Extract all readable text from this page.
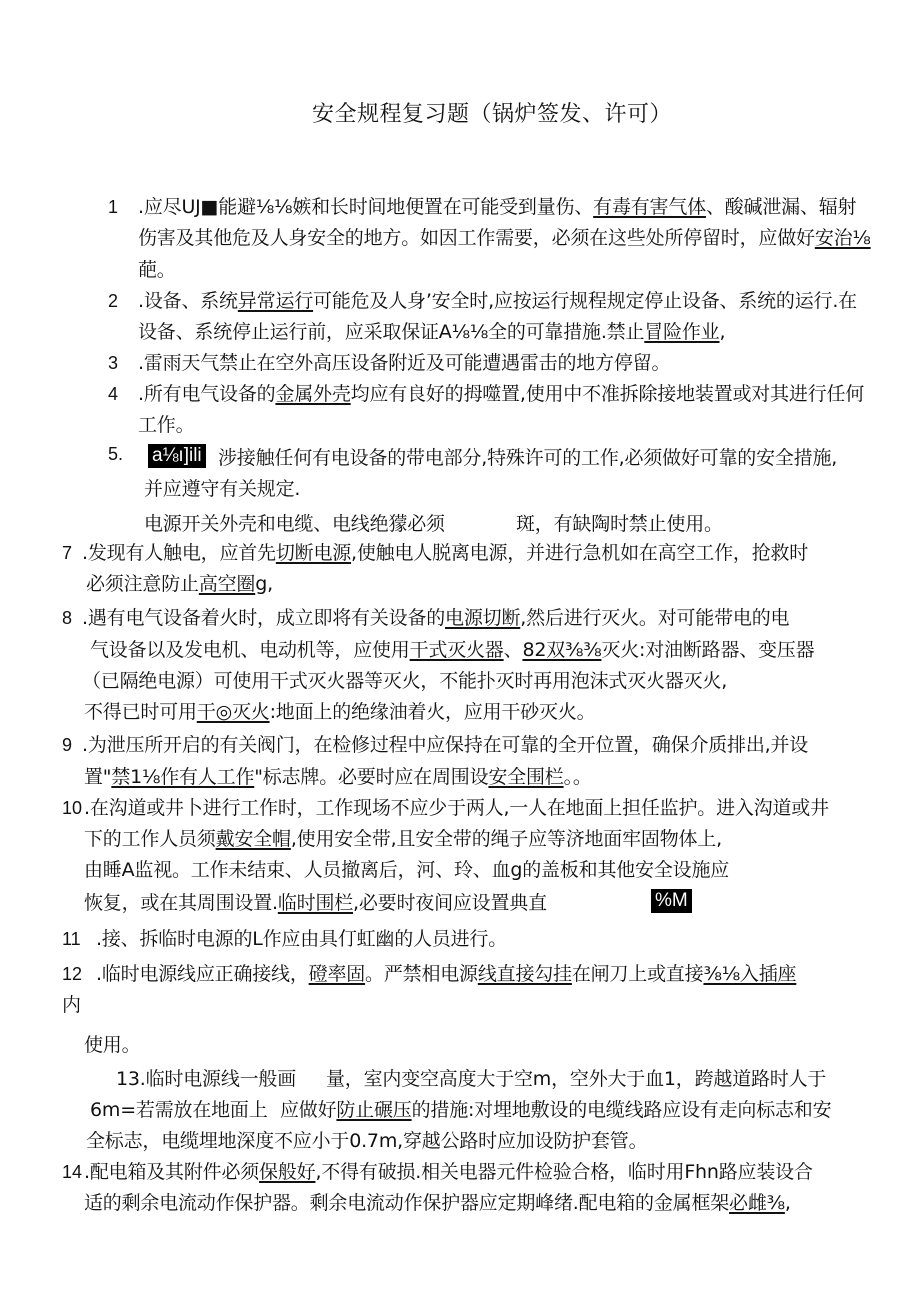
安全规程复习题（锅炉签发、许可）
1 .应尽UJ■能避⅛⅛嫉和长时间地便置在可能受到量伤、有毒有害气体、酸碱泄漏、辐射
伤害及其他危及人身安全的地方。如因工作需要，必须在这些处所停留时，应做好安治⅛
葩。
2 .设备、系统异常运行可能危及人身’安全时,应按运行规程规定停止设备、系统的运行.在
设备、系统停止运行前，应采取保证A⅛⅛全的可靠措施.禁止冒险作业,
3 .雷雨天气禁止在空外高压设备附近及可能遭遇雷击的地方停留。
4 .所有电气设备的金属外壳均应有良好的拇噬置,使用中不准拆除接地装置或对其进行任何
工作。
5. a⅛ı]ili 涉接触任何有电设备的带电部分,特殊许可的工作,必须做好可靠的安全措施,
并应遵守有关规定.
电源开关外壳和电缆、电线绝獴必须	斑，有缺陶时禁止使用。
7 .发现有人触电，应首先切断电源,使触电人脱离电源，并进行急机如在高空工作，抢救时
必须注意防止高空圈g,
8 .遇有电气设备着火时，成立即将有关设备的电源切断,然后进行灭火。对可能带电的电
气设备以及发电机、电动机等，应使用干式灭火器、82双⅜⅜灭火:对油断路器、变压器
（已隔绝电源）可使用干式灭火器等灭火，不能扑灭时再用泡沫式灭火器灭火,
不得已时可用干◎灭火:地面上的绝缘油着火，应用干砂灭火。
9 .为泄压所开启的有关阀门，在检修过程中应保持在可靠的全开位置，确保介质排出,并设
置"禁1⅛作有人工作"标志牌。必要时应在周围设安全围栏。。
10 .在沟道或井卜进行工作时，工作现场不应少于两人,一人在地面上担任监护。进入沟道或井
下的工作人员须戴安全帽,使用安全带,且安全带的绳子应等济地面牢固物体上,
由睡A监视。工作未结束、人员撤离后，河、玲、血g的盖板和其他安全设施应
恢复，或在其周围设置.临时围栏,必要时夜间应设置典直	%M
11 .接、拆临时电源的L作应由具仃虹幽的人员进行。
12 .临时电源线应正确接线，磴率固。严禁相电源线直接勾挂在闸刀上或直接⅜⅛入插座
内
使用。
13.临时电源线一般画 量，室内变空高度大于空m，空外大于血1，跨越道路时人于
6m=若需放在地面上 应做好防止碾压的措施:对埋地敷设的电缆线路应设有走向标志和安
全标志，电缆埋地深度不应小于0.7m,穿越公路时应加设防护套管。
14 .配电箱及其附件必须保般好,不得有破损.相关电器元件检验合格，临时用Fhn路应装设合
适的剩余电流动作保护器。剩余电流动作保护器应定期峰绪.配电箱的金属框架必雌⅜,
